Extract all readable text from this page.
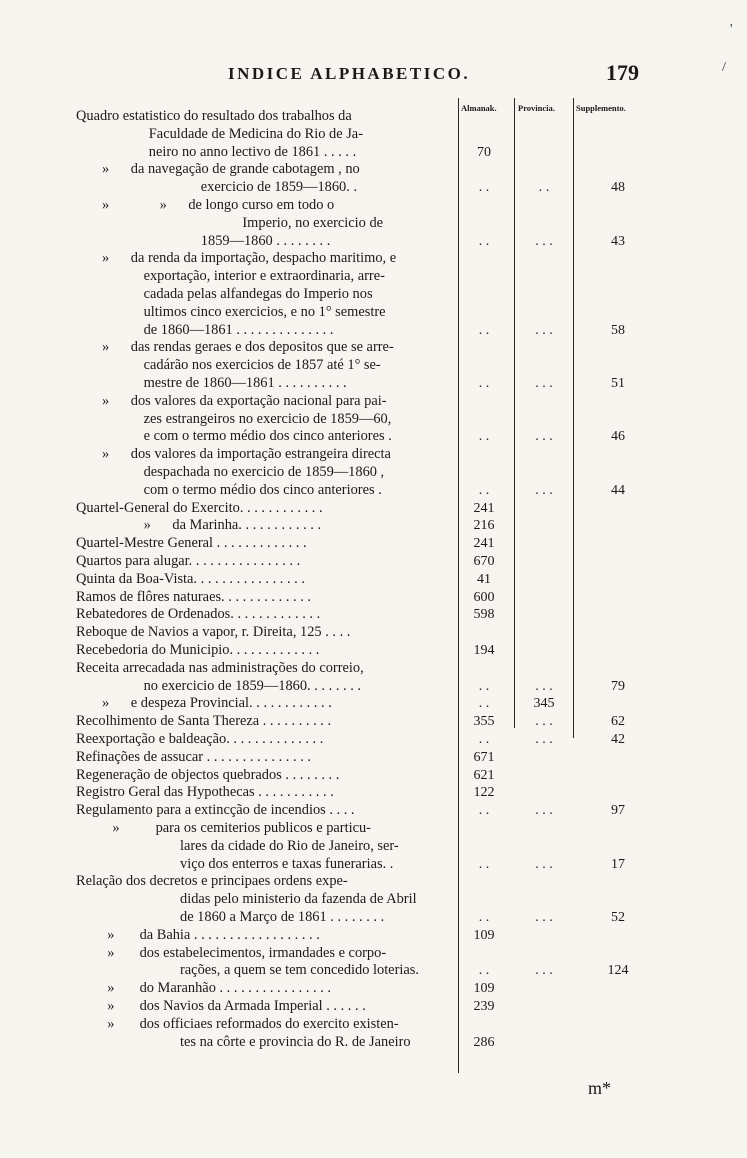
INDICE ALPHABETICO.	179
Almanak.	Provincia. Supplemento.
Quadro estatistico do resultado dos trabalhos da
Faculdade de Medicina do Rio de Ja-
neiro no anno lectivo de 1861 . . . . .	70
»      da navegação de grande cabotagem , no
exercicio de 1859—1860. .	. .	. .	48
»              »      de longo curso em todo o
Imperio, no exercicio de
1859—1860 . . . . . . . .	. .	. . .	43
»      da renda da importação, despacho maritimo, e
exportação, interior e extraordinaria, arre-
cadada pelas alfandegas do Imperio nos
ultimos cinco exercicios, e no 1° semestre
de 1860—1861 . . . . . . . . . . . . . .	. .	. . .	58
»      das rendas geraes e dos depositos que se arre-
cadárão nos exercicios de 1857 até 1° se-
mestre de 1860—1861 . . . . . . . . . .	. .	. . .	51
»      dos valores da exportação nacional para pai-
zes estrangeiros no exercicio de 1859—60,
e com o termo médio dos cinco anteriores .	. .	. . .	46
»      dos valores da importação estrangeira directa
despachada no exercicio de 1859—1860 ,
com o termo médio dos cinco anteriores .	. .	. . .	44
Quartel-General do Exercito. . . . . . . . . . . .	241
»      da Marinha. . . . . . . . . . . .	216
Quartel-Mestre General . . . . . . . . . . . . .	241
Quartos para alugar. . . . . . . . . . . . . . . .	670
Quinta da Boa-Vista. . . . . . . . . . . . . . . .	41
Ramos de flôres naturaes. . . . . . . . . . . . .	600
Rebatedores de Ordenados. . . . . . . . . . . . .	598
Reboque de Navios a vapor, r. Direita, 125 . . . .
Recebedoria do Municipio. . . . . . . . . . . . .	194
Receita arrecadada nas administrações do correio,
no exercicio de 1859—1860. . . . . . . .	. .	. . .	79
»      e despeza Provincial. . . . . . . . . . . .	. .	345
Recolhimento de Santa Thereza . . . . . . . . . .	355	. . .	62
Reexportação e baldeação. . . . . . . . . . . . . .	. .	. . .	42
Refinações de assucar . . . . . . . . . . . . . . .	671
Regeneração de objectos quebrados . . . . . . . .	621
Registro Geral das Hypothecas . . . . . . . . . . .	122
Regulamento para a extincção de incendios . . . .	. .	. . .	97
»          para os cemiterios publicos e particu-
lares da cidade do Rio de Janeiro, ser-
viço dos enterros e taxas funerarias. .	. .	. . .	17
Relação dos decretos e principaes ordens expe-
didas pelo ministerio da fazenda de Abril
de 1860 a Março de 1861 . . . . . . . .	. .	. . .	52
»       da Bahia . . . . . . . . . . . . . . . . . .	109
»       dos estabelecimentos, irmandades e corpo-
rações, a quem se tem concedido loterias.	. .	. . .	124
»       do Maranhão . . . . . . . . . . . . . . . .	109
»       dos Navios da Armada Imperial . . . . . .	239
»       dos officiaes reformados do exercito existen-
tes na côrte e provincia do R. de Janeiro	286
'
/
m*
